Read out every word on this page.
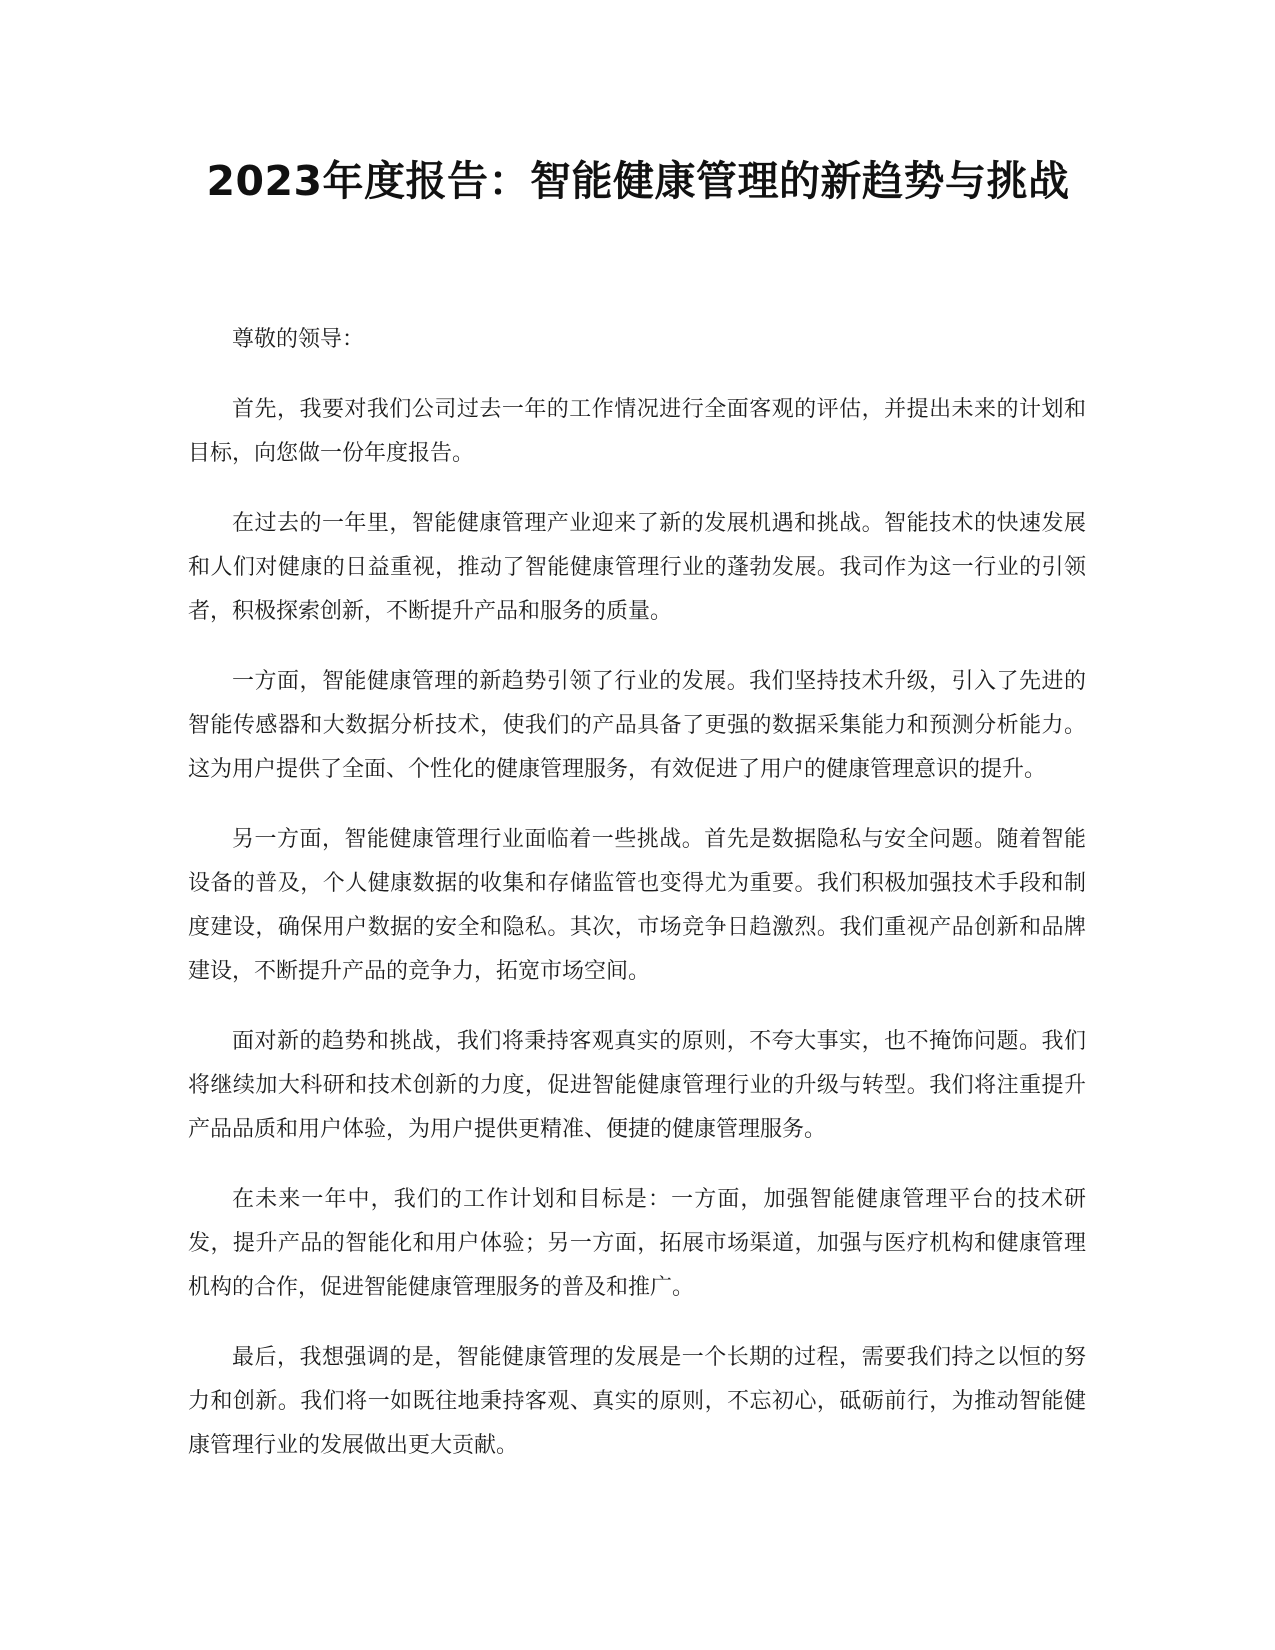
2023年度报告：智能健康管理的新趋势与挑战

尊敬的领导：

首先，我要对我们公司过去一年的工作情况进行全面客观的评估，并提出未来的计划和目标，向您做一份年度报告。

在过去的一年里，智能健康管理产业迎来了新的发展机遇和挑战。智能技术的快速发展和人们对健康的日益重视，推动了智能健康管理行业的蓬勃发展。我司作为这一行业的引领者，积极探索创新，不断提升产品和服务的质量。

一方面，智能健康管理的新趋势引领了行业的发展。我们坚持技术升级，引入了先进的智能传感器和大数据分析技术，使我们的产品具备了更强的数据采集能力和预测分析能力。这为用户提供了全面、个性化的健康管理服务，有效促进了用户的健康管理意识的提升。

另一方面，智能健康管理行业面临着一些挑战。首先是数据隐私与安全问题。随着智能设备的普及，个人健康数据的收集和存储监管也变得尤为重要。我们积极加强技术手段和制度建设，确保用户数据的安全和隐私。其次，市场竞争日趋激烈。我们重视产品创新和品牌建设，不断提升产品的竞争力，拓宽市场空间。

面对新的趋势和挑战，我们将秉持客观真实的原则，不夸大事实，也不掩饰问题。我们将继续加大科研和技术创新的力度，促进智能健康管理行业的升级与转型。我们将注重提升产品品质和用户体验，为用户提供更精准、便捷的健康管理服务。

在未来一年中，我们的工作计划和目标是：一方面，加强智能健康管理平台的技术研发，提升产品的智能化和用户体验；另一方面，拓展市场渠道，加强与医疗机构和健康管理机构的合作，促进智能健康管理服务的普及和推广。

最后，我想强调的是，智能健康管理的发展是一个长期的过程，需要我们持之以恒的努力和创新。我们将一如既往地秉持客观、真实的原则，不忘初心，砥砺前行，为推动智能健康管理行业的发展做出更大贡献。
